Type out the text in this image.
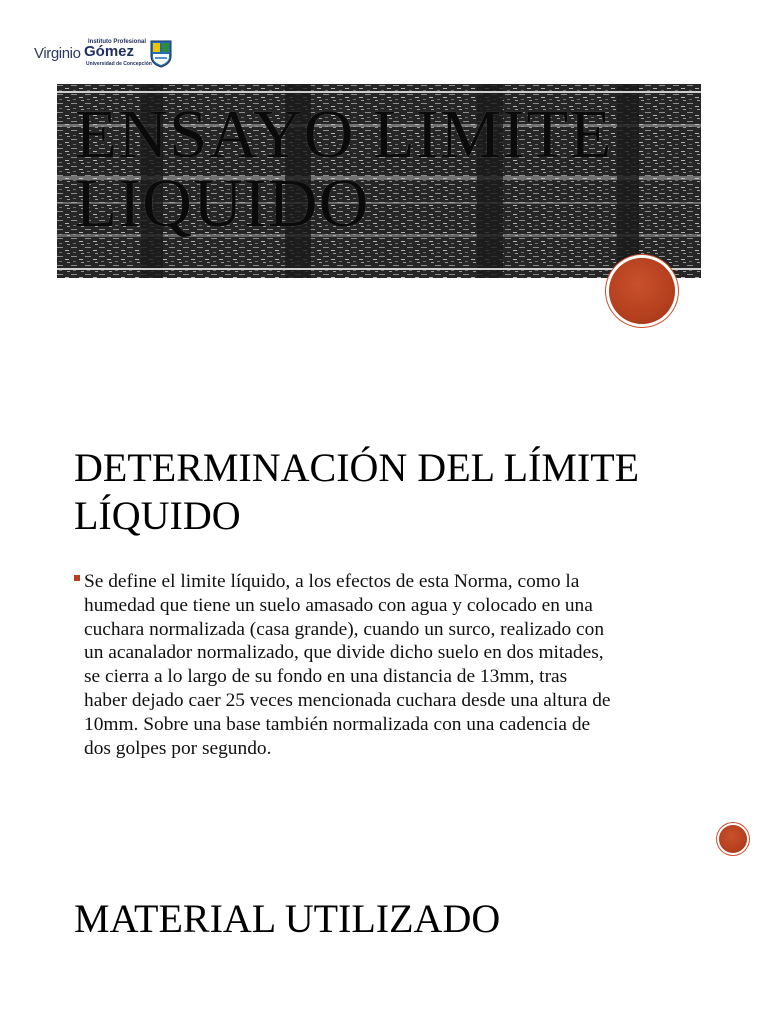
Instituto Profesional
Virginio Gómez
Universidad de Concepción
ENSAYO LIMITE
LIQUIDO
DETERMINACIÓN DEL LÍMITE
LÍQUIDO

Se define el limite líquido, a los efectos de esta Norma, como la
humedad que tiene un suelo amasado con agua y colocado en una
cuchara normalizada (casa grande), cuando un surco, realizado con
un acanalador normalizado, que divide dicho suelo en dos mitades,
se cierra a lo largo de su fondo en una distancia de 13mm, tras
haber dejado caer 25 veces mencionada cuchara desde una altura de
10mm. Sobre una base también normalizada con una cadencia de
dos golpes por segundo.

MATERIAL UTILIZADO
